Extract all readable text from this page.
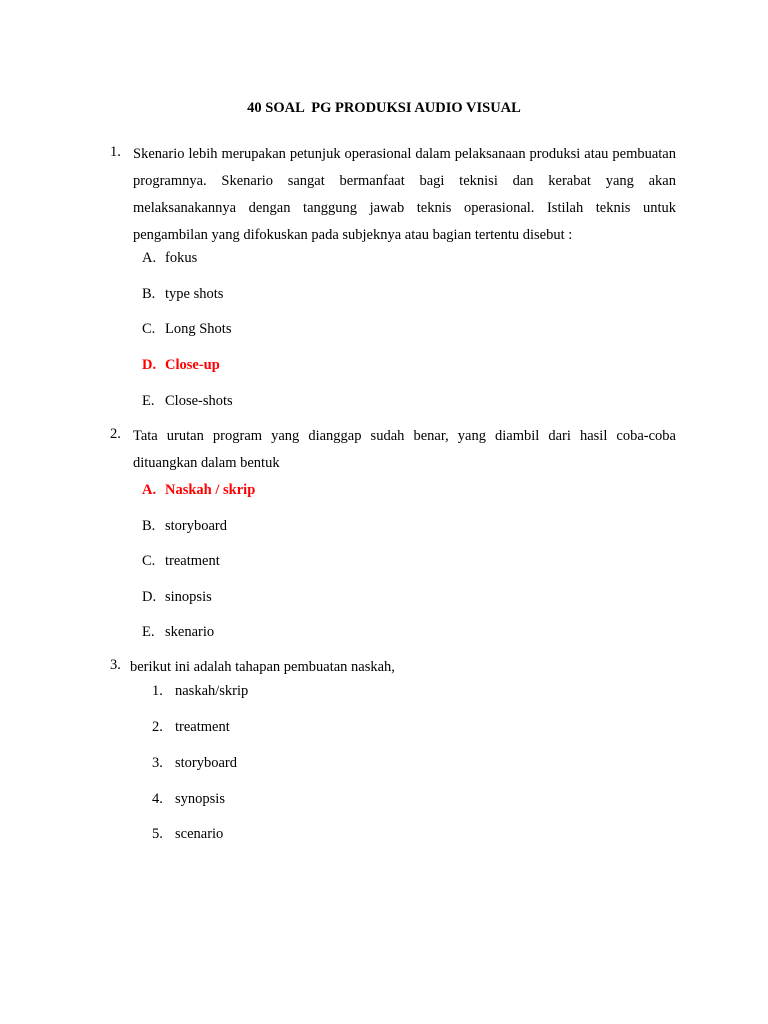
40 SOAL  PG PRODUKSI AUDIO VISUAL
1. Skenario lebih merupakan petunjuk operasional dalam pelaksanaan produksi atau pembuatan programnya. Skenario sangat bermanfaat bagi teknisi dan kerabat yang akan melaksanakannya dengan tanggung jawab teknis operasional. Istilah teknis untuk pengambilan yang difokuskan pada subjeknya atau bagian tertentu disebut :
A. fokus
B. type shots
C. Long Shots
D. Close-up
E. Close-shots
2. Tata urutan program yang dianggap sudah benar, yang diambil dari hasil coba-coba dituangkan dalam bentuk
A. Naskah / skrip
B. storyboard
C. treatment
D. sinopsis
E. skenario
3. berikut ini adalah tahapan pembuatan naskah,
1. naskah/skrip
2. treatment
3. storyboard
4. synopsis
5. scenario
